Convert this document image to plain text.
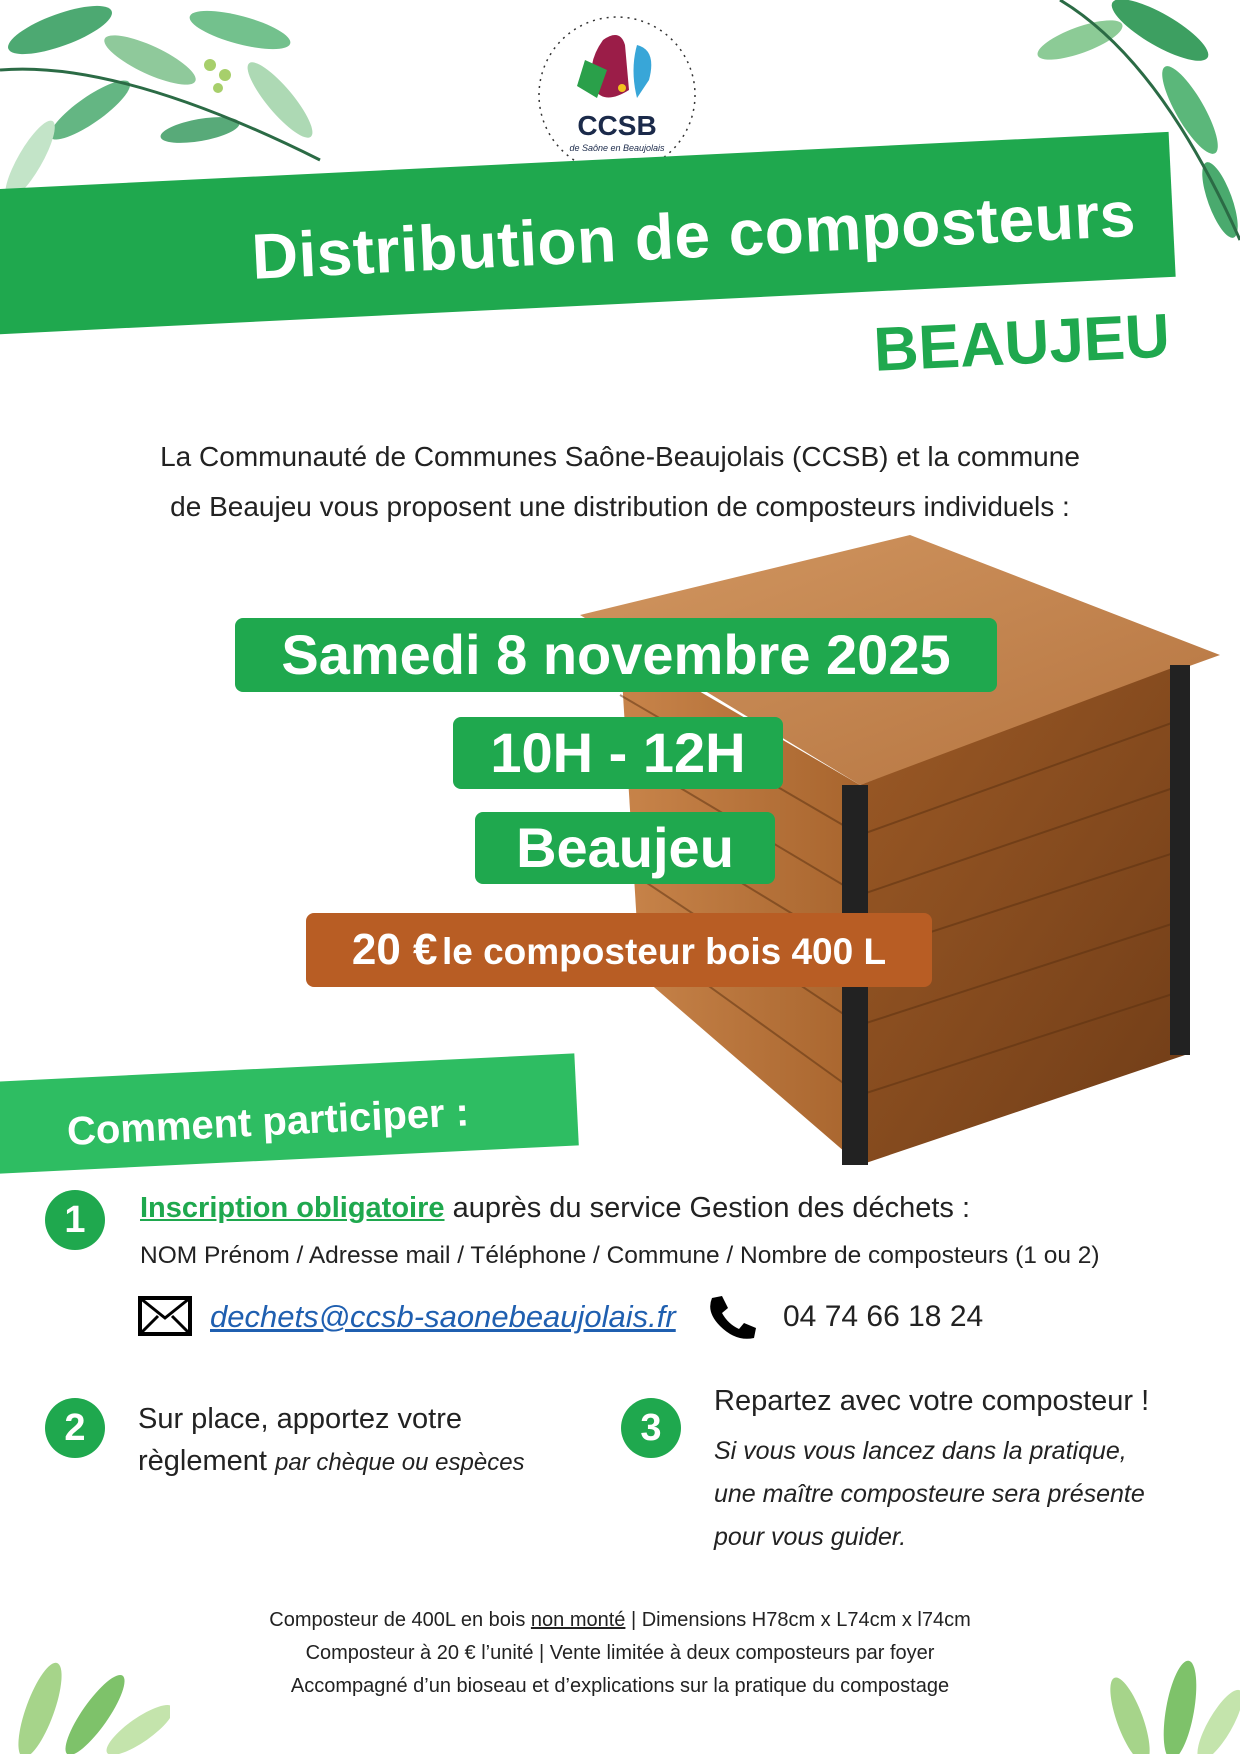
CCSB
de Saône en Beaujolais
Distribution de composteurs
BEAUJEU
La Communauté de Communes Saône-Beaujolais (CCSB) et la commune
de Beaujeu vous proposent une distribution de composteurs individuels :
Samedi 8 novembre 2025
10H - 12H
Beaujeu
20 € le composteur bois 400 L
Comment participer :
1	Inscription obligatoire auprès du service Gestion des déchets :
NOM Prénom / Adresse mail / Téléphone / Commune / Nombre de composteurs (1 ou 2)
dechets@ccsb-saonebeaujolais.fr	04 74 66 18 24
2	Sur place, apportez votre
règlement par chèque ou espèces
3
Repartez avec votre composteur !
Si vous vous lancez dans la pratique,
une maître composteure sera présente
pour vous guider.
Composteur de 400L en bois non monté | Dimensions H78cm x L74cm x l74cm
Composteur à 20 € l’unité | Vente limitée à deux composteurs par foyer
Accompagné d’un bioseau et d’explications sur la pratique du compostage
